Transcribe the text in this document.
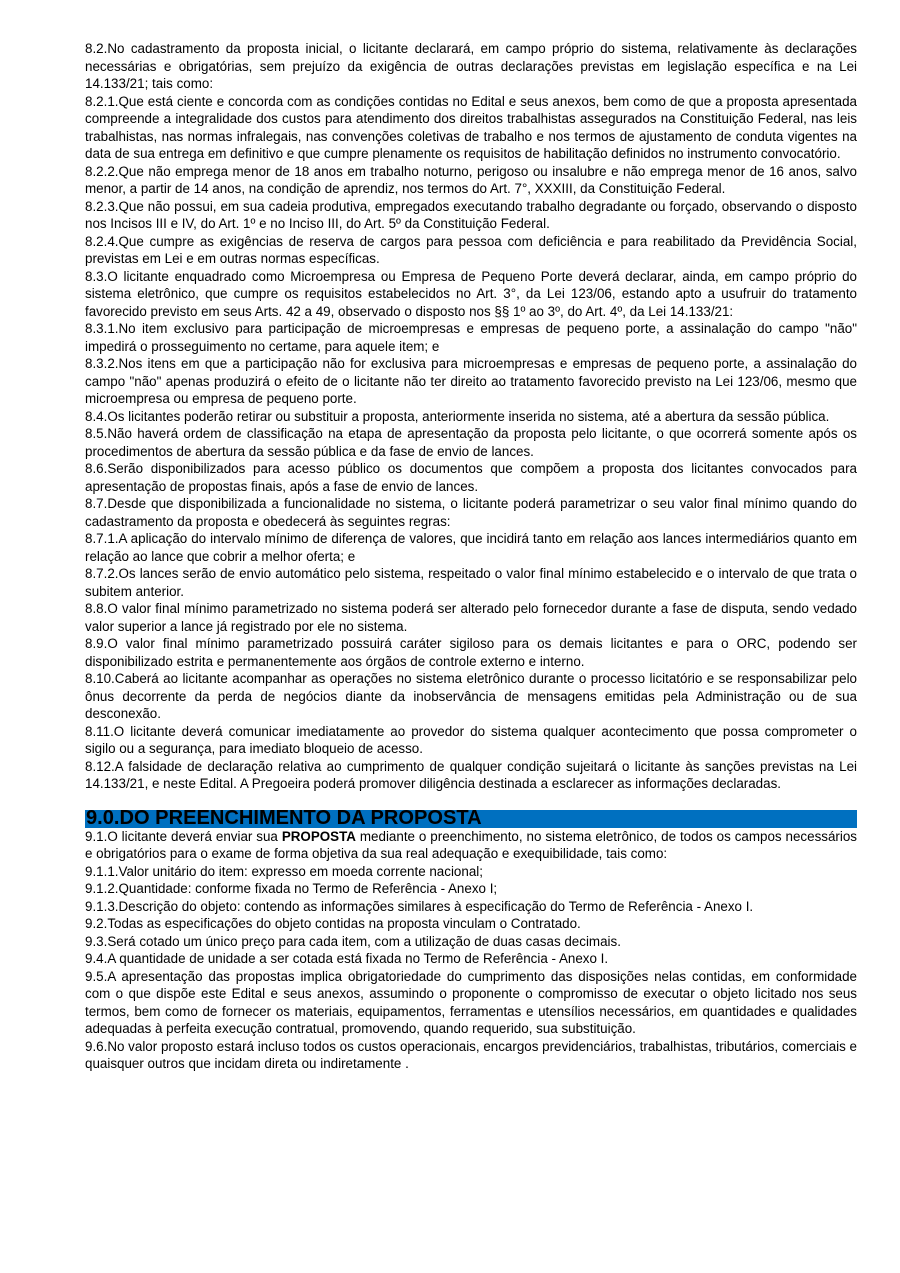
8.2.No cadastramento da proposta inicial, o licitante declarará, em campo próprio do sistema, relativamente às declarações necessárias e obrigatórias, sem prejuízo da exigência de outras declarações previstas em legislação específica e na Lei 14.133/21; tais como:

8.2.1.Que está ciente e concorda com as condições contidas no Edital e seus anexos, bem como de que a proposta apresentada compreende a integralidade dos custos para atendimento dos direitos trabalhistas assegurados na Constituição Federal, nas leis trabalhistas, nas normas infralegais, nas convenções coletivas de trabalho e nos termos de ajustamento de conduta vigentes na data de sua entrega em definitivo e que cumpre plenamente os requisitos de habilitação definidos no instrumento convocatório.

8.2.2.Que não emprega menor de 18 anos em trabalho noturno, perigoso ou insalubre e não emprega menor de 16 anos, salvo menor, a partir de 14 anos, na condição de aprendiz, nos termos do Art. 7°, XXXIII, da Constituição Federal.

8.2.3.Que não possui, em sua cadeia produtiva, empregados executando trabalho degradante ou forçado, observando o disposto nos Incisos III e IV, do Art. 1º e no Inciso III, do Art. 5º da Constituição Federal.

8.2.4.Que cumpre as exigências de reserva de cargos para pessoa com deficiência e para reabilitado da Previdência Social, previstas em Lei e em outras normas específicas.

8.3.O licitante enquadrado como Microempresa ou Empresa de Pequeno Porte deverá declarar, ainda, em campo próprio do sistema eletrônico, que cumpre os requisitos estabelecidos no Art. 3°, da Lei 123/06, estando apto a usufruir do tratamento favorecido previsto em seus Arts. 42 a 49, observado o disposto nos §§ 1º ao 3º, do Art. 4º, da Lei 14.133/21:

8.3.1.No item exclusivo para participação de microempresas e empresas de pequeno porte, a assinalação do campo "não" impedirá o prosseguimento no certame, para aquele item; e

8.3.2.Nos itens em que a participação não for exclusiva para microempresas e empresas de pequeno porte, a assinalação do campo "não" apenas produzirá o efeito de o licitante não ter direito ao tratamento favorecido previsto na Lei 123/06, mesmo que microempresa ou empresa de pequeno porte.

8.4.Os licitantes poderão retirar ou substituir a proposta, anteriormente inserida no sistema, até a abertura da sessão pública.

8.5.Não haverá ordem de classificação na etapa de apresentação da proposta pelo licitante, o que ocorrerá somente após os procedimentos de abertura da sessão pública e da fase de envio de lances.

8.6.Serão disponibilizados para acesso público os documentos que compõem a proposta dos licitantes convocados para apresentação de propostas finais, após a fase de envio de lances.

8.7.Desde que disponibilizada a funcionalidade no sistema, o licitante poderá parametrizar o seu valor final mínimo quando do cadastramento da proposta e obedecerá às seguintes regras:

8.7.1.A aplicação do intervalo mínimo de diferença de valores, que incidirá tanto em relação aos lances intermediários quanto em relação ao lance que cobrir a melhor oferta; e

8.7.2.Os lances serão de envio automático pelo sistema, respeitado o valor final mínimo estabelecido e o intervalo de que trata o subitem anterior.

8.8.O valor final mínimo parametrizado no sistema poderá ser alterado pelo fornecedor durante a fase de disputa, sendo vedado valor superior a lance já registrado por ele no sistema.

8.9.O valor final mínimo parametrizado possuirá caráter sigiloso para os demais licitantes e para o ORC, podendo ser disponibilizado estrita e permanentemente aos órgãos de controle externo e interno.

8.10.Caberá ao licitante acompanhar as operações no sistema eletrônico durante o processo licitatório e se responsabilizar pelo ônus decorrente da perda de negócios diante da inobservância de mensagens emitidas pela Administração ou de sua desconexão.

8.11.O licitante deverá comunicar imediatamente ao provedor do sistema qualquer acontecimento que possa comprometer o sigilo ou a segurança, para imediato bloqueio de acesso.

8.12.A falsidade de declaração relativa ao cumprimento de qualquer condição sujeitará o licitante às sanções previstas na Lei 14.133/21, e neste Edital. A Pregoeira poderá promover diligência destinada a esclarecer as informações declaradas.

9.0.DO PREENCHIMENTO DA PROPOSTA

9.1.O licitante deverá enviar sua PROPOSTA mediante o preenchimento, no sistema eletrônico, de todos os campos necessários e obrigatórios para o exame de forma objetiva da sua real adequação e exequibilidade, tais como:

9.1.1.Valor unitário do item: expresso em moeda corrente nacional;

9.1.2.Quantidade: conforme fixada no Termo de Referência - Anexo I;

9.1.3.Descrição do objeto: contendo as informações similares à especificação do Termo de Referência - Anexo I.

9.2.Todas as especificações do objeto contidas na proposta vinculam o Contratado.

9.3.Será cotado um único preço para cada item, com a utilização de duas casas decimais.

9.4.A quantidade de unidade a ser cotada está fixada no Termo de Referência - Anexo I.

9.5.A apresentação das propostas implica obrigatoriedade do cumprimento das disposições nelas contidas, em conformidade com o que dispõe este Edital e seus anexos, assumindo o proponente o compromisso de executar o objeto licitado nos seus termos, bem como de fornecer os materiais, equipamentos, ferramentas e utensílios necessários, em quantidades e qualidades adequadas à perfeita execução contratual, promovendo, quando requerido, sua substituição.

9.6.No valor proposto estará incluso todos os custos operacionais, encargos previdenciários, trabalhistas, tributários, comerciais e quaisquer outros que incidam direta ou indiretamente .
